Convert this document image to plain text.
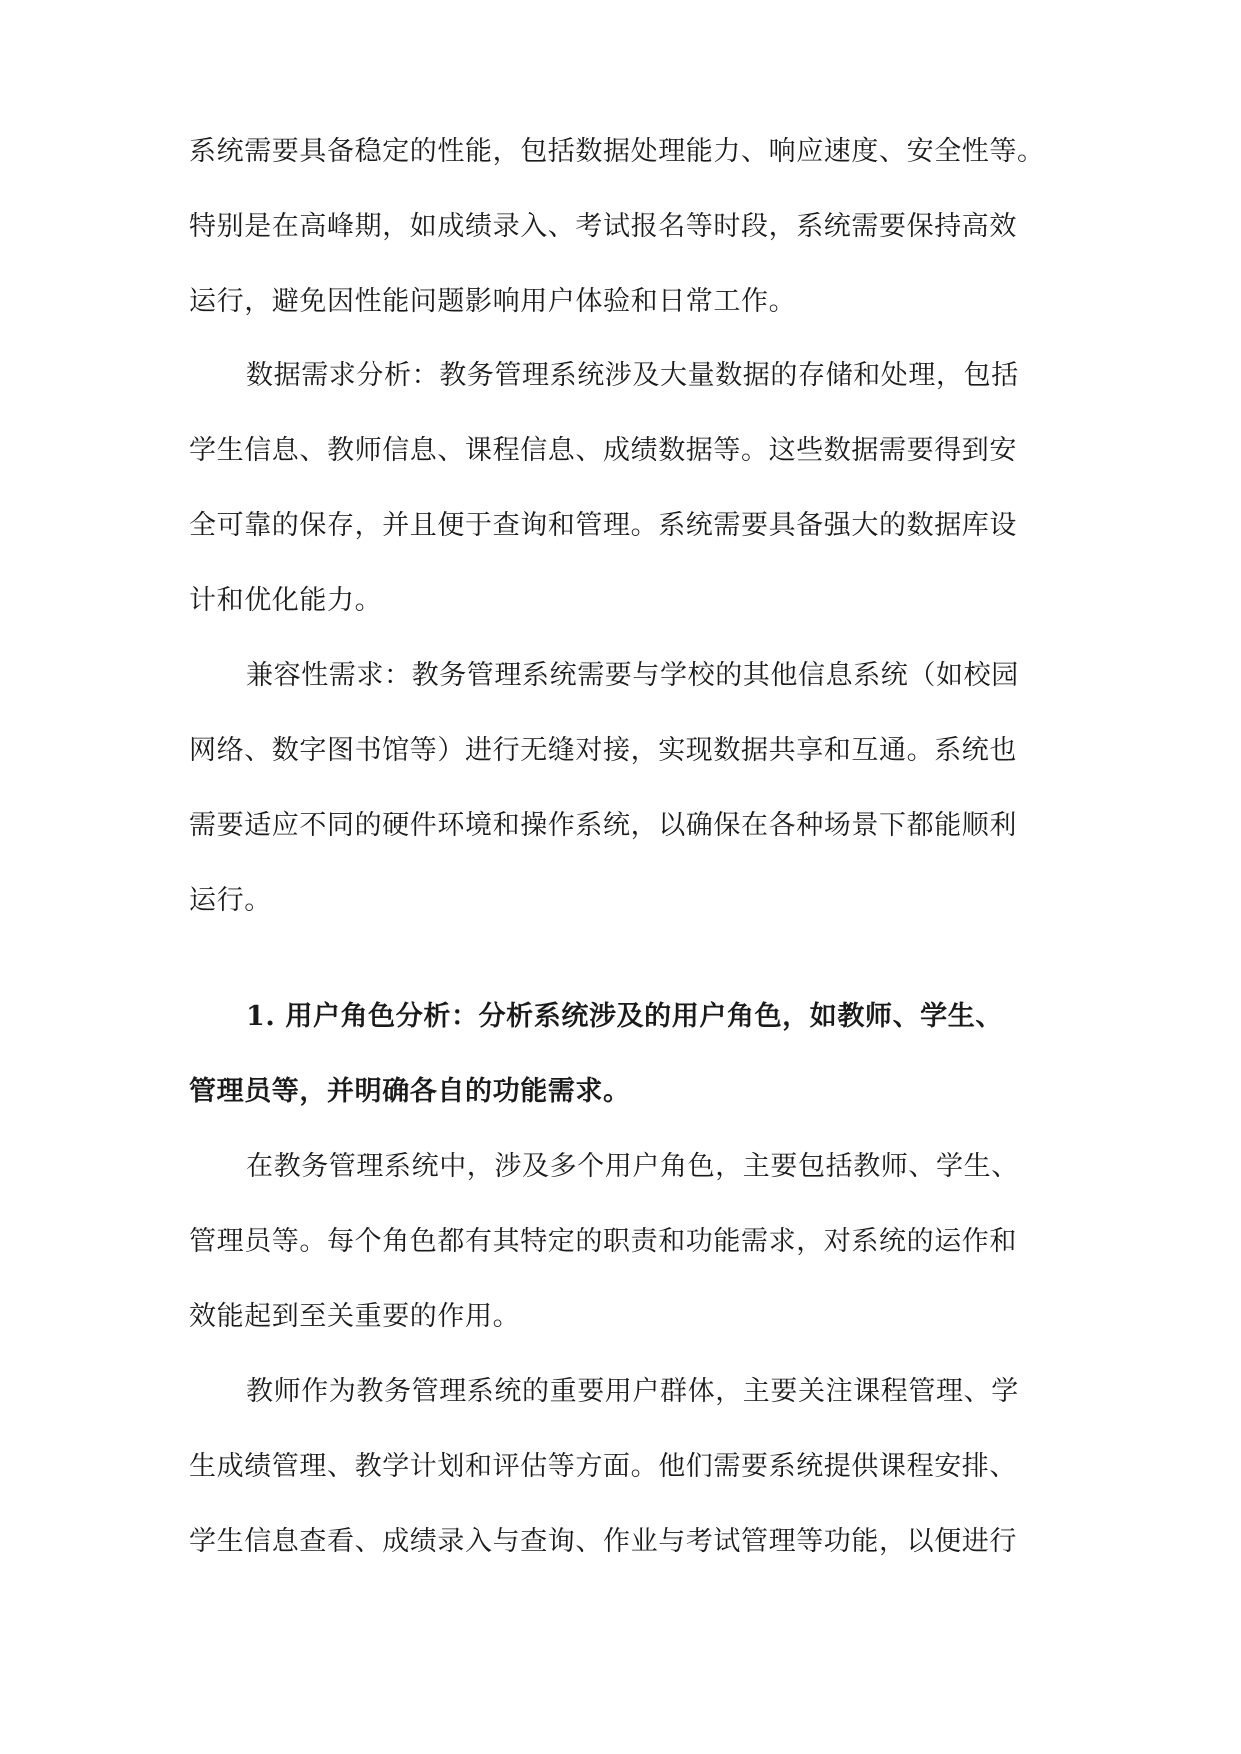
系统需要具备稳定的性能，包括数据处理能力、响应速度、安全性等。
特别是在高峰期，如成绩录入、考试报名等时段，系统需要保持高效
运行，避免因性能问题影响用户体验和日常工作。
数据需求分析：教务管理系统涉及大量数据的存储和处理，包括
学生信息、教师信息、课程信息、成绩数据等。这些数据需要得到安
全可靠的保存，并且便于查询和管理。系统需要具备强大的数据库设
计和优化能力。
兼容性需求：教务管理系统需要与学校的其他信息系统（如校园
网络、数字图书馆等）进行无缝对接，实现数据共享和互通。系统也
需要适应不同的硬件环境和操作系统，以确保在各种场景下都能顺利
运行。
1. 用户角色分析：分析系统涉及的用户角色，如教师、学生、
管理员等，并明确各自的功能需求。
在教务管理系统中，涉及多个用户角色，主要包括教师、学生、
管理员等。每个角色都有其特定的职责和功能需求，对系统的运作和
效能起到至关重要的作用。
教师作为教务管理系统的重要用户群体，主要关注课程管理、学
生成绩管理、教学计划和评估等方面。他们需要系统提供课程安排、
学生信息查看、成绩录入与查询、作业与考试管理等功能，以便进行
